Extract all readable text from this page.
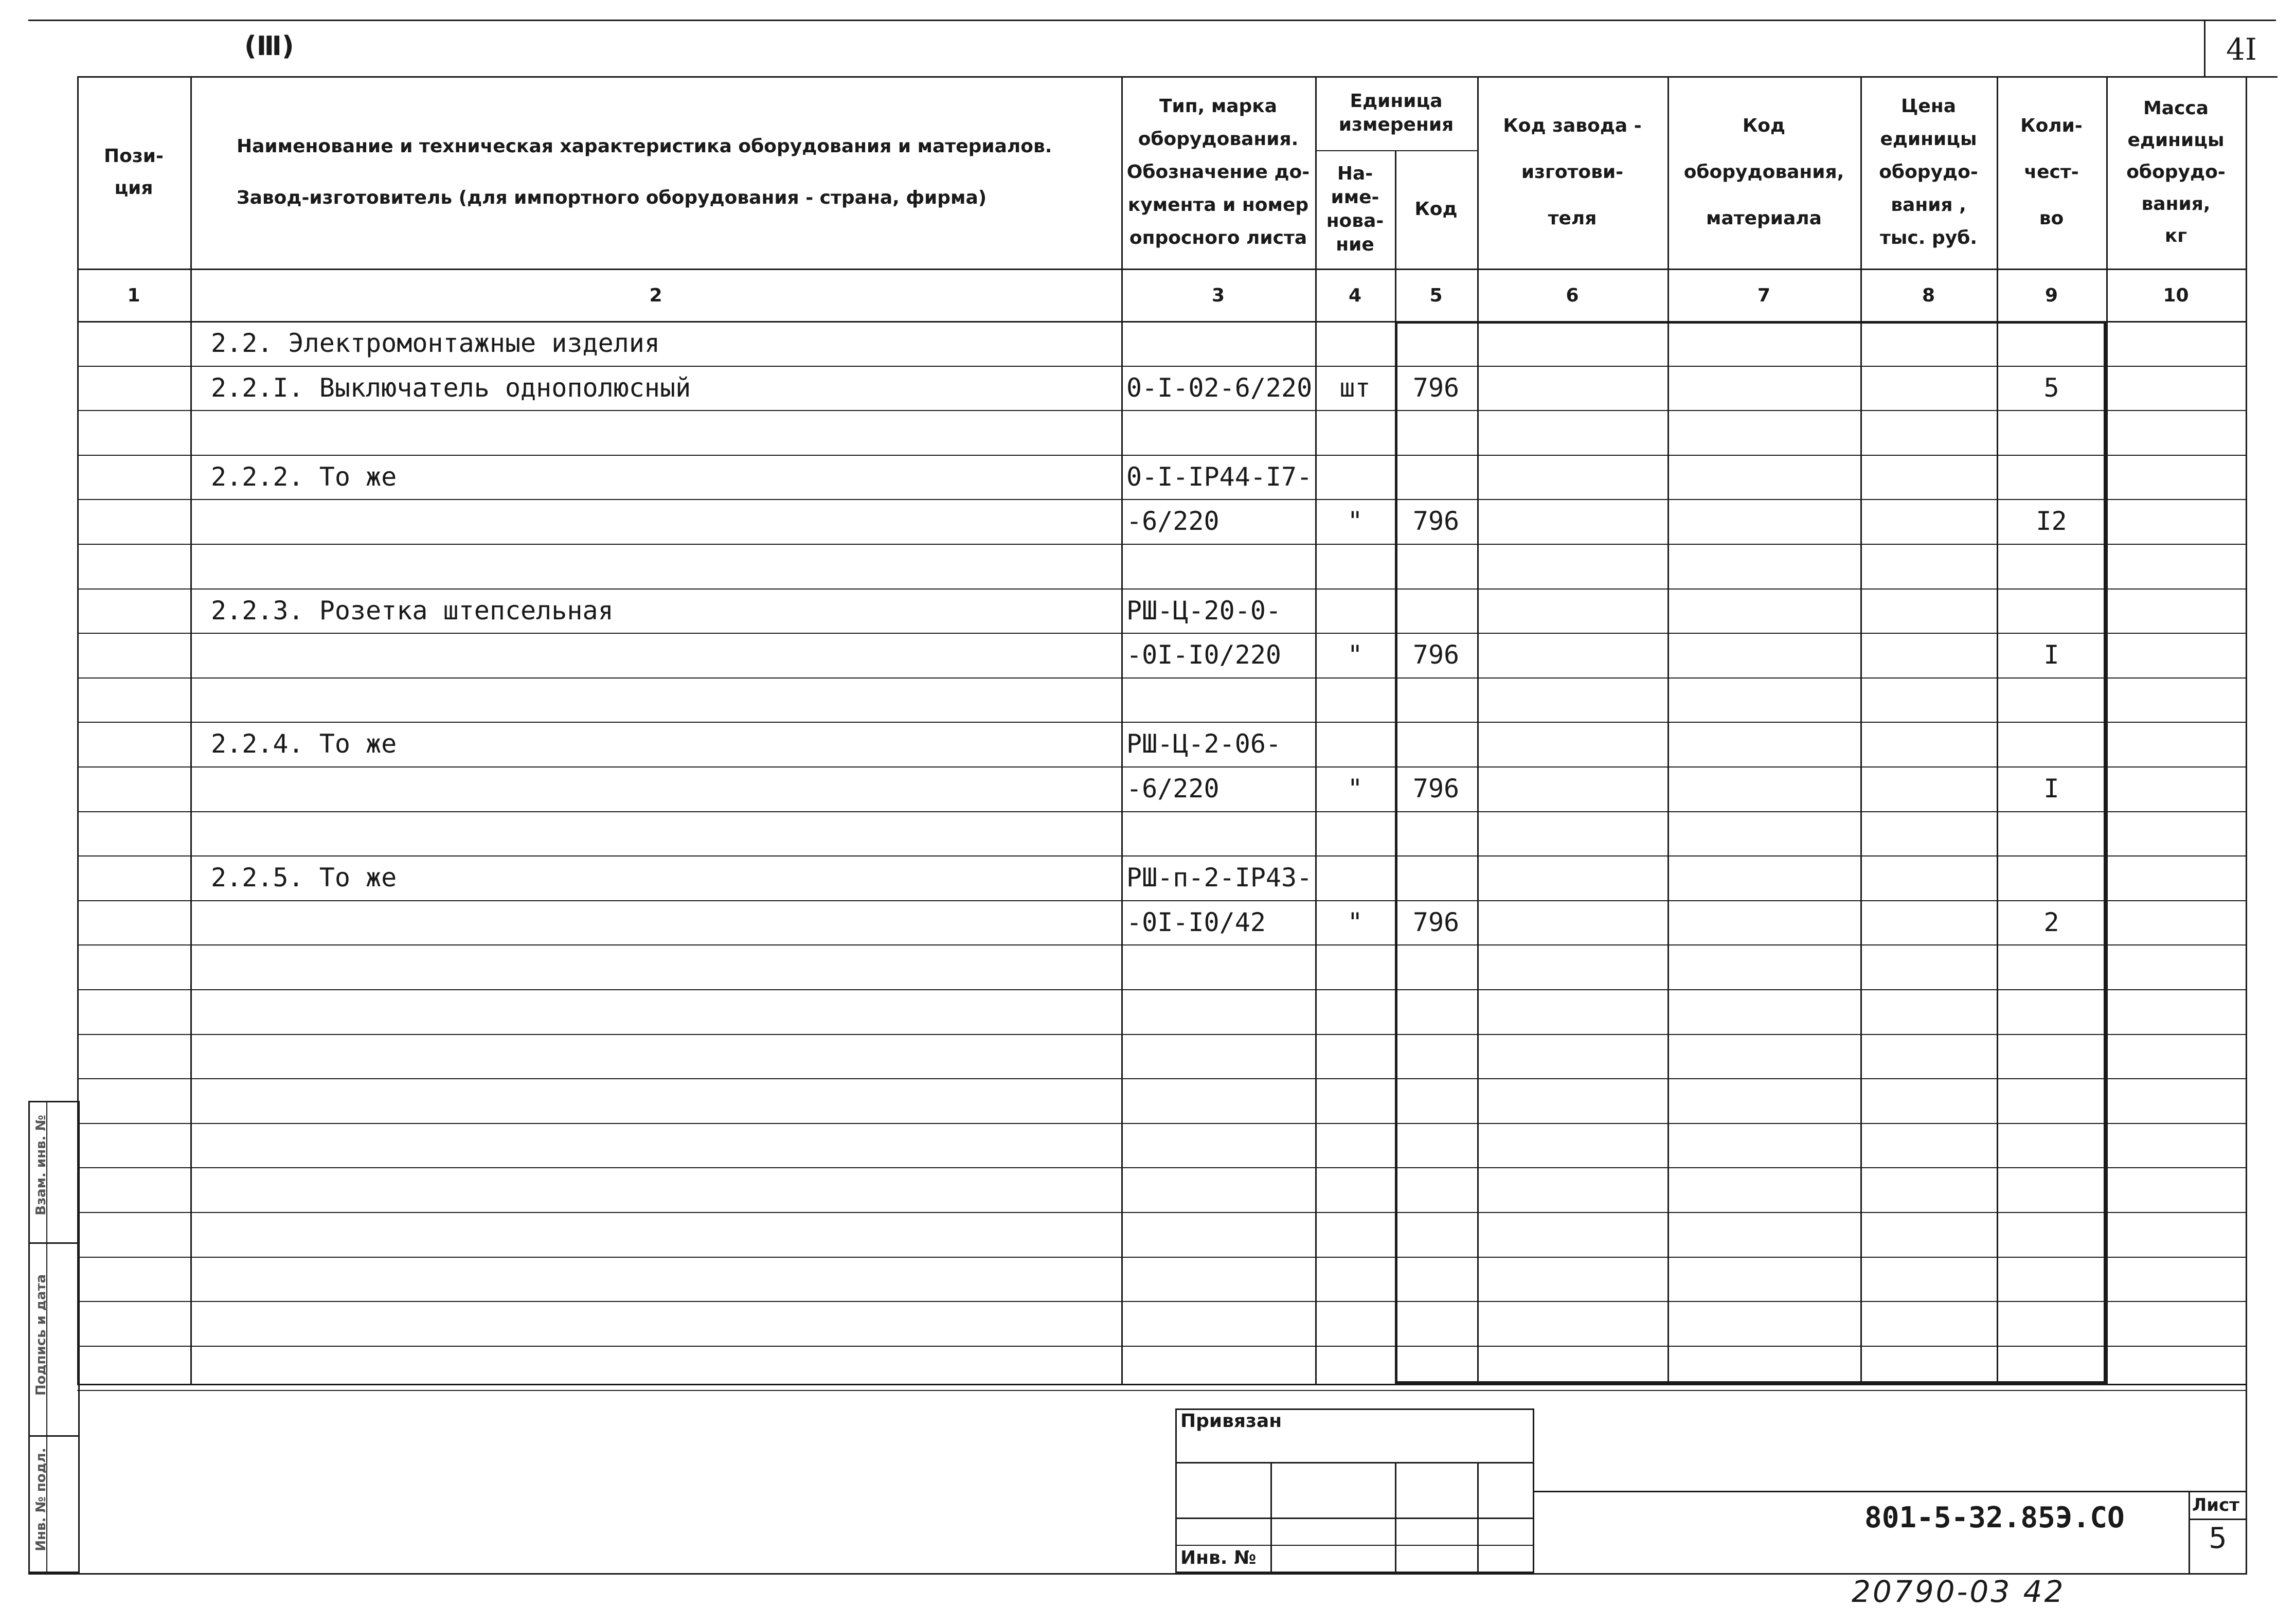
4I
(Ⅲ)
Пози-
ция
Наименование и техническая характеристика оборудования и материалов.
Завод-изготовитель (для импортного оборудования - страна, фирма)
Тип, марка
оборудования.
Обозначение до-
кумента и номер
опросного листа
Единица
измерения
На-
име-
нова-
ние
Код
Код завода -
изготови-
теля
Код
оборудования,
материала
Цена
единицы
оборудо-
вания ,
тыс. руб.
Коли-
чест-
во
Масса
единицы
оборудо-
вания,
кг
1	2	3	4	5	6	7	8	9	10
2.2. Электромонтажные изделия
2.2.I. Выключатель однополюсный	0-I-02-6/220	шт	796	5
2.2.2. То же	0-I-IP44-I7-
-6/220	"	796	I2
2.2.3. Розетка штепсельная	РШ-Ц-20-0-
-0I-I0/220	"	796	I
2.2.4. То же	РШ-Ц-2-06-
-6/220	"	796	I
2.2.5. То же	РШ-п-2-IP43-
-0I-I0/42	"	796	2
Взам. инв. №
Подпись и дата
Инв. № подл.
Привязан
Инв. №
801-5-32.85Э.СО	Лист
5
20790-03 42
